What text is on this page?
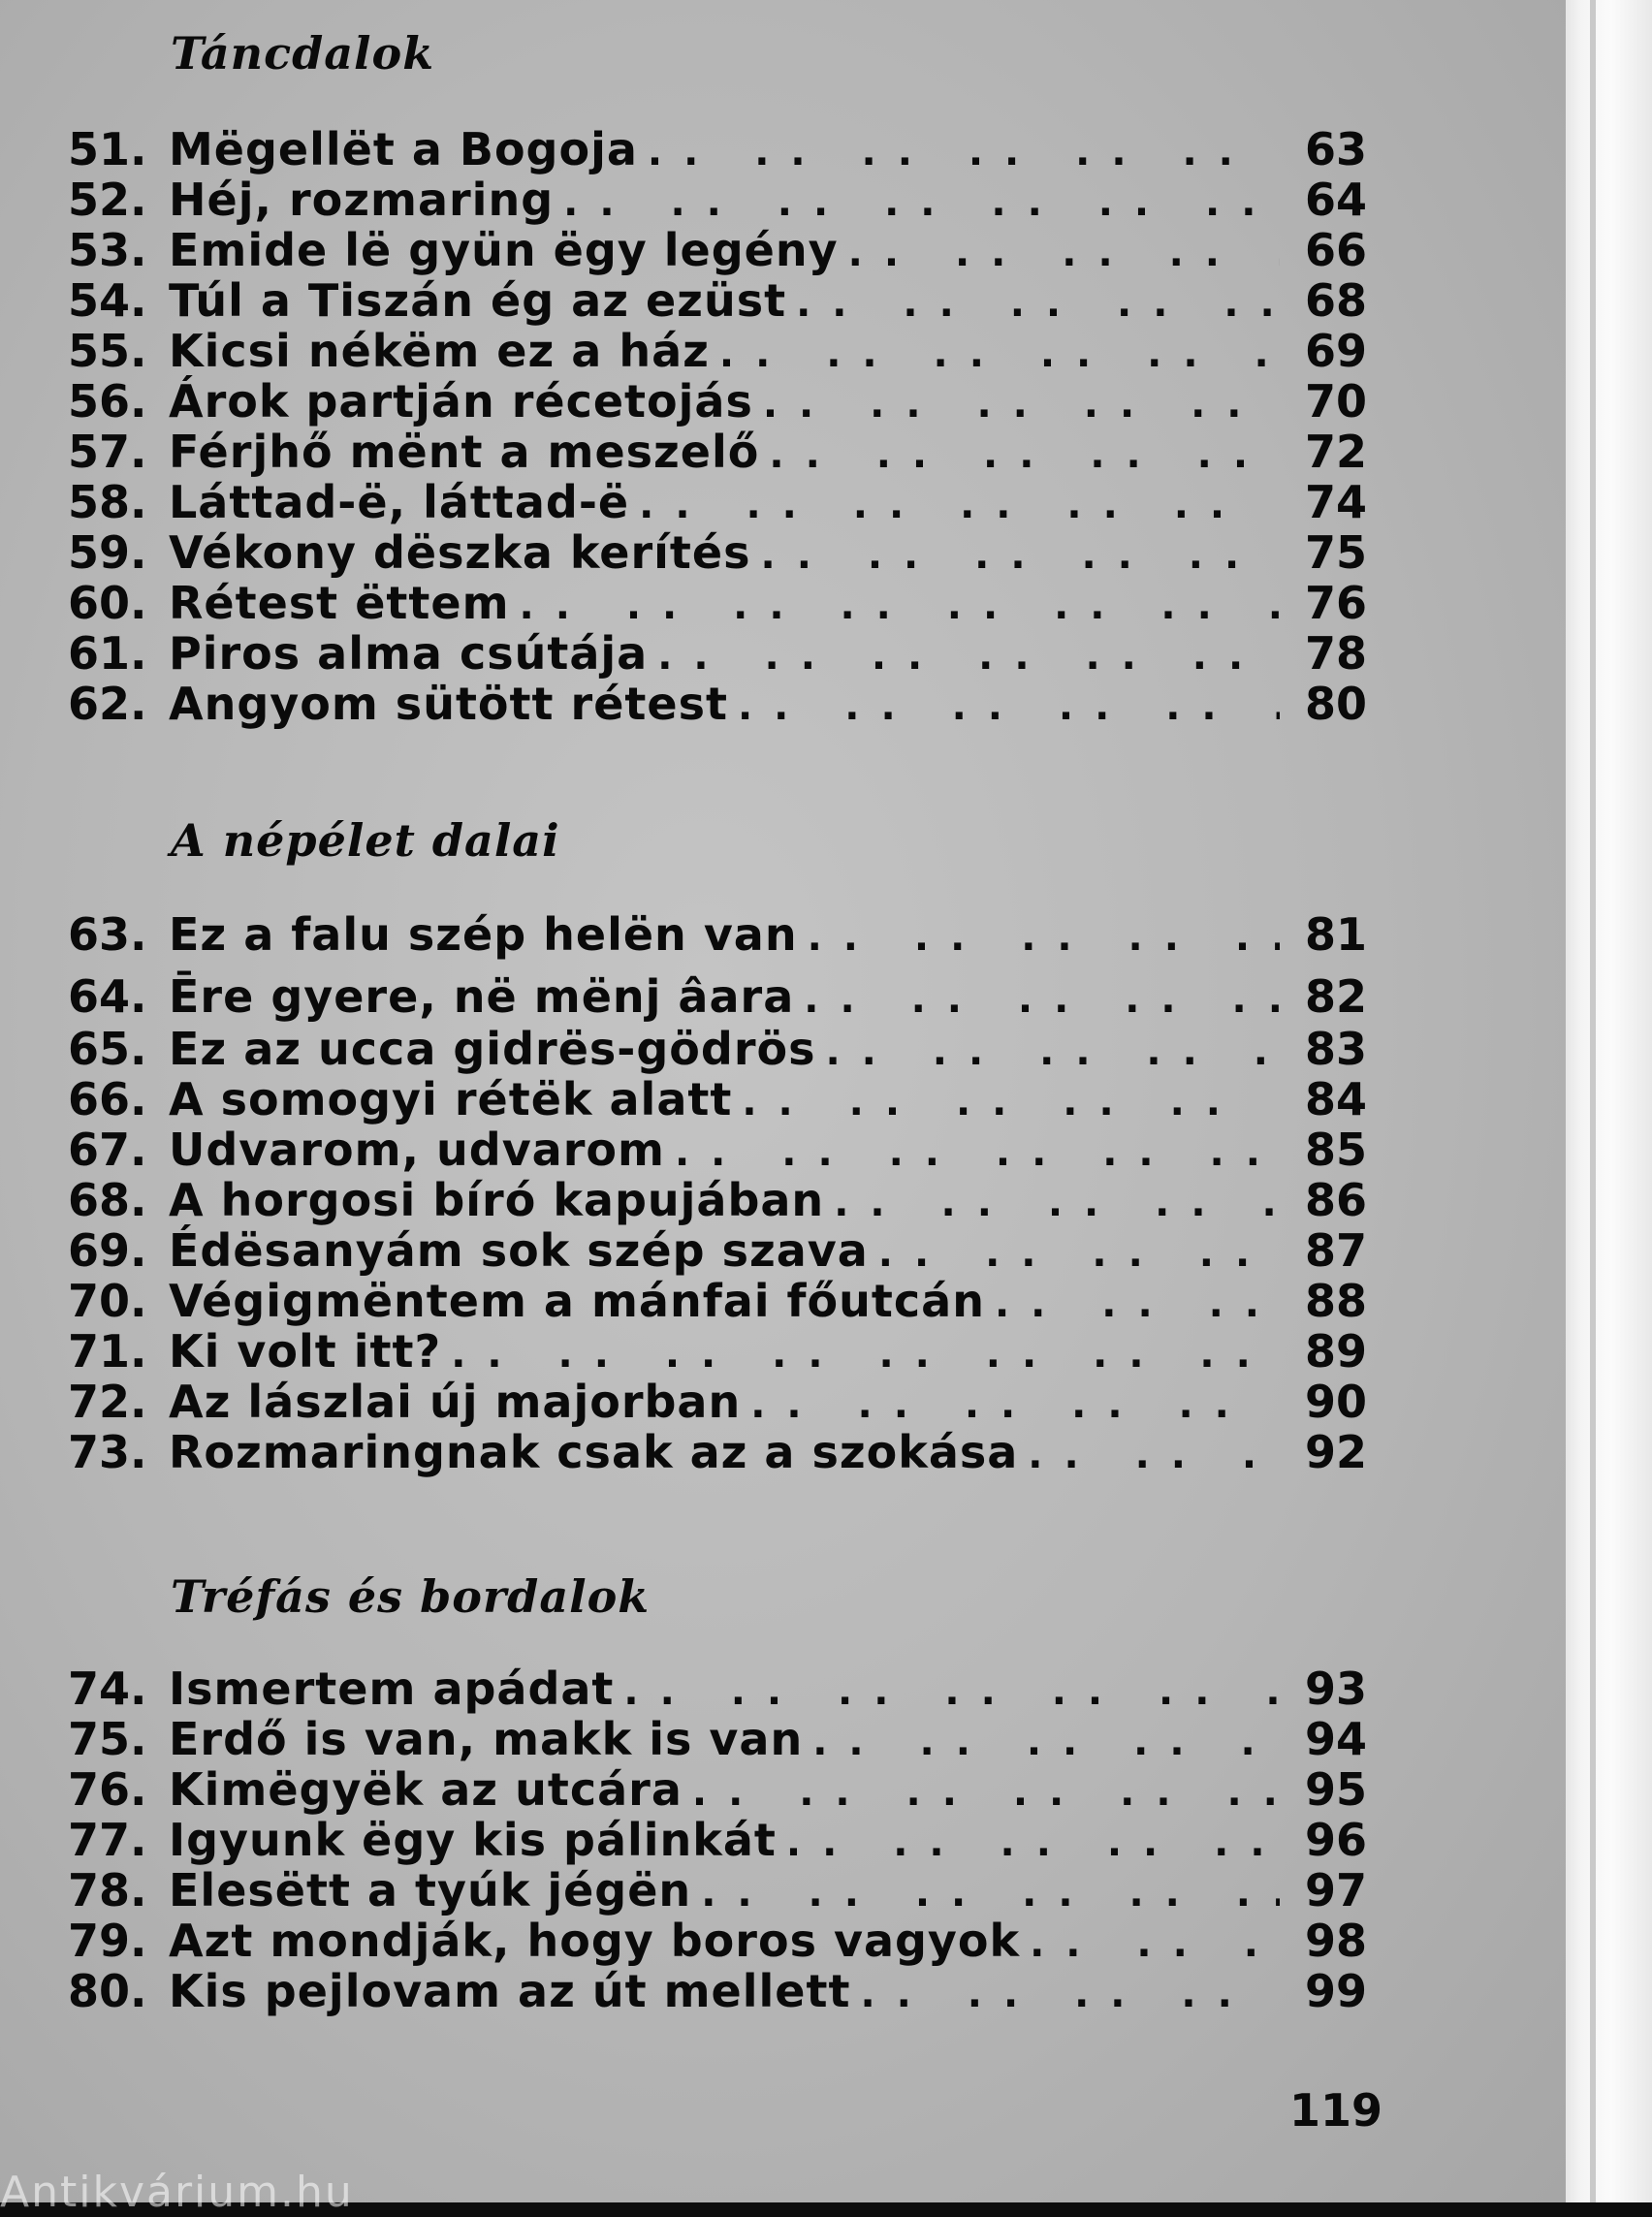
Táncdalok
51. Mëgellët a Bogoja .. ..	63
52. Héj, rozmaring .. ..	64
53. Emide lë gyün ëgy legény .. ..	66
54. Túl a Tiszán ég az ezüst .. ..	68
55. Kicsi nékëm ez a ház .. ..	69
56. Árok partján récetojás .. ..	70
57. Férjhő mënt a meszelő .. ..	72
58. Láttad-ë, láttad-ë .. ..	74
59. Vékony dëszka kerítés .. ..	75
60. Rétest ëttem .. ..	76
61. Piros alma csútája .. ..	78
62. Angyom sütött rétest .. ..	80
A népélet dalai
63. Ez a falu szép helën van .. ..	81
64. Ēre gyere, në mënj âara .. ..	82
65. Ez az ucca gidrës-gödrös .. ..	83
66. A somogyi rétëk alatt .. ..	84
67. Udvarom, udvarom .. ..	85
68. A horgosi bíró kapujában .. ..	86
69. Édësanyám sok szép szava .. ..	87
70. Végigmëntem a mánfai főutcán .. ..	88
71. Ki volt itt? .. ..	89
72. Az lászlai új majorban .. ..	90
73. Rozmaringnak csak az a szokása .. ..	92
Tréfás és bordalok
74. Ismertem apádat .. ..	93
75. Erdő is van, makk is van .. ..	94
76. Kimëgyëk az utcára .. ..	95
77. Igyunk ëgy kis pálinkát .. ..	96
78. Elesëtt a tyúk jégën .. ..	97
79. Azt mondják, hogy boros vagyok .. ..	98
80. Kis pejlovam az út mellett .. ..	99
119
Antikvárium.hu
